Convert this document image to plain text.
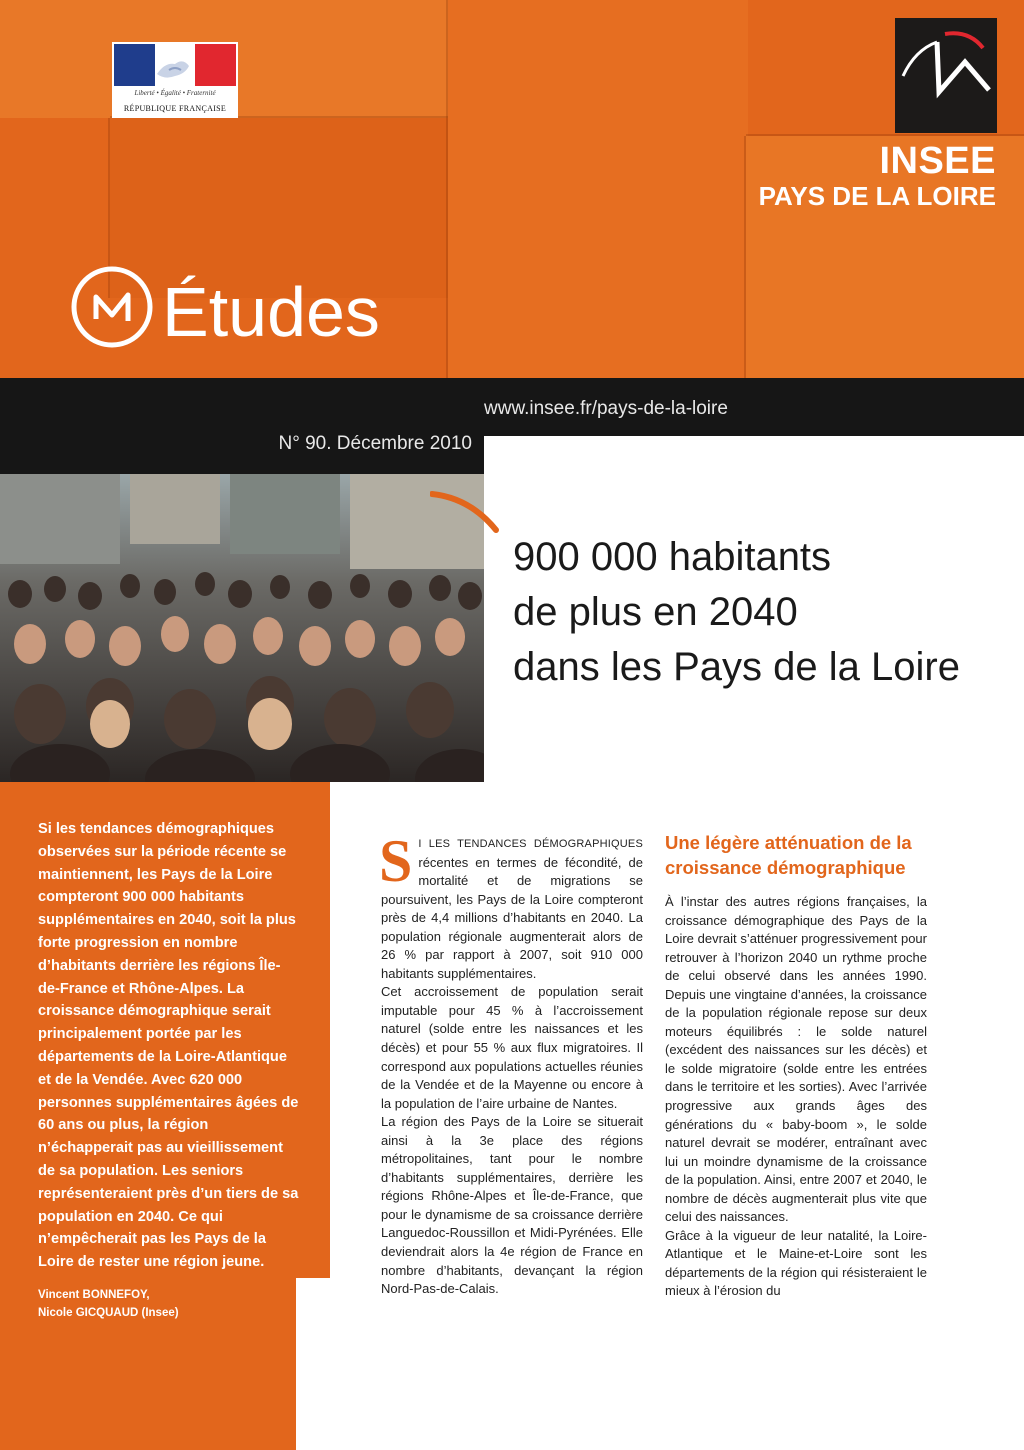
Liberté • Égalité • Fraternité
RÉPUBLIQUE FRANÇAISE
INSEE
PAYS DE LA LOIRE
Études
www.insee.fr/pays-de-la-loire
N° 90. Décembre 2010
900 000 habitants
de plus en 2040
dans les Pays de la Loire
Si les tendances démographiques observées sur la période récente se maintiennent, les Pays de la Loire compteront 900 000 habitants supplémentaires en 2040, soit la plus forte progression en nombre d’habitants derrière les régions Île-de-France et Rhône-Alpes. La croissance démographique serait principalement portée par les départements de la Loire-Atlantique et de la Vendée. Avec 620 000 personnes supplémentaires âgées de 60 ans ou plus, la région n’échapperait pas au vieillissement de sa population. Les seniors représenteraient près d’un tiers de sa population en 2040. Ce qui n’empêcherait pas les Pays de la Loire de rester une région jeune.
Vincent BONNEFOY,
Nicole GICQUAUD (Insee)
S I LES TENDANCES DÉMOGRAPHIQUES récentes en termes de fécondité, de mortalité et de migrations se poursuivent, les Pays de la Loire compteront près de 4,4 millions d’habitants en 2040. La population régionale augmenterait alors de 26 % par rapport à 2007, soit 910 000 habitants supplémentaires.

Cet accroissement de population serait imputable pour 45 % à l’accroissement naturel (solde entre les naissances et les décès) et pour 55 % aux flux migratoires. Il correspond aux populations actuelles réunies de la Vendée et de la Mayenne ou encore à la population de l’aire urbaine de Nantes.

La région des Pays de la Loire se situerait ainsi à la 3e place des régions métropolitaines, tant pour le nombre d’habitants supplémentaires, derrière les régions Rhône-Alpes et Île-de-France, que pour le dynamisme de sa croissance derrière Languedoc-Roussillon et Midi-Pyrénées. Elle deviendrait alors la 4e région de France en nombre d’habitants, devançant la région Nord-Pas-de-Calais.

Une légère atténuation de la croissance démographique

À l’instar des autres régions françaises, la croissance démographique des Pays de la Loire devrait s’atténuer progressivement pour retrouver à l’horizon 2040 un rythme proche de celui observé dans les années 1990. Depuis une vingtaine d’années, la croissance de la population régionale repose sur deux moteurs équilibrés : le solde naturel (excédent des naissances sur les décès) et le solde migratoire (solde entre les entrées dans le territoire et les sorties). Avec l’arrivée progressive aux grands âges des générations du « baby-boom », le solde naturel devrait se modérer, entraînant avec lui un moindre dynamisme de la croissance de la population. Ainsi, entre 2007 et 2040, le nombre de décès augmenterait plus vite que celui des naissances.

Grâce à la vigueur de leur natalité, la Loire-Atlantique et le Maine-et-Loire sont les départements de la région qui résisteraient le mieux à l’érosion du
